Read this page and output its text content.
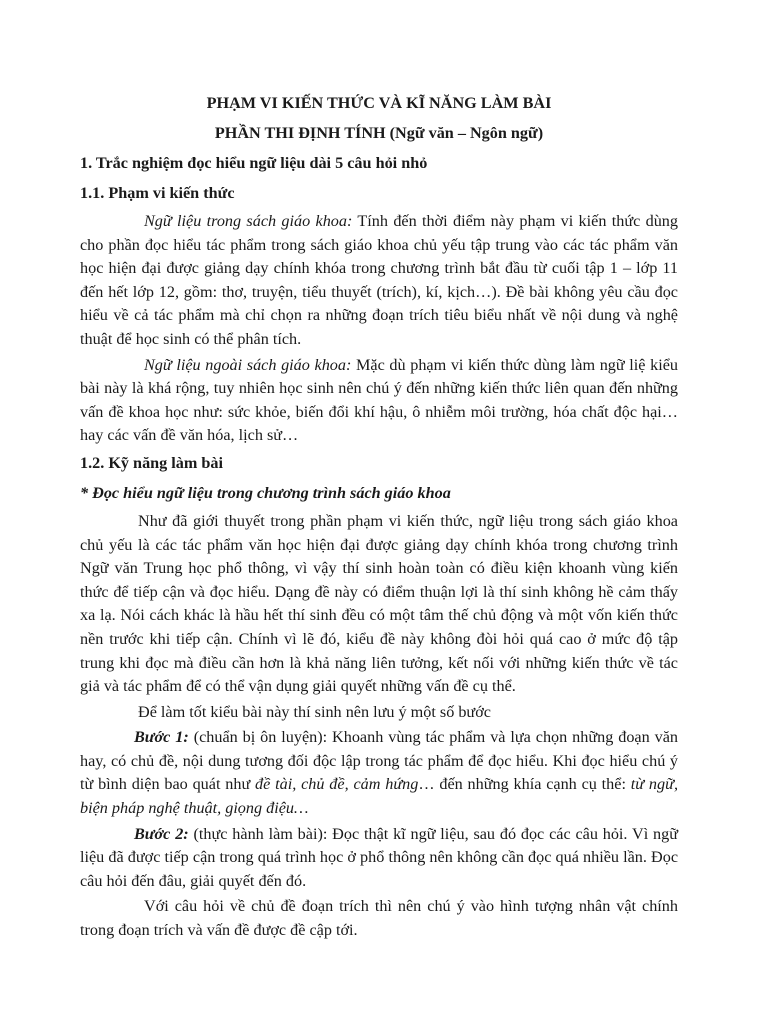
PHẠM VI KIẾN THỨC VÀ KĨ NĂNG LÀM BÀI

PHẦN THI ĐỊNH TÍNH (Ngữ văn – Ngôn ngữ)

1. Trắc nghiệm đọc hiểu ngữ liệu dài 5 câu hỏi nhỏ

1.1. Phạm vi kiến thức

Ngữ liệu trong sách giáo khoa: Tính đến thời điểm này phạm vi kiến thức dùng cho phần đọc hiểu tác phẩm trong sách giáo khoa chủ yếu tập trung vào các tác phẩm văn học hiện đại được giảng dạy chính khóa trong chương trình bắt đầu từ cuối tập 1 – lớp 11 đến hết lớp 12, gồm: thơ, truyện, tiểu thuyết (trích), kí, kịch…). Đề bài không yêu cầu đọc hiểu về cả tác phẩm mà chỉ chọn ra những đoạn trích tiêu biểu nhất về nội dung và nghệ thuật để học sinh có thể phân tích.

Ngữ liệu ngoài sách giáo khoa: Mặc dù phạm vi kiến thức dùng làm ngữ liệ kiểu bài này là khá rộng, tuy nhiên học sinh nên chú ý đến những kiến thức liên quan đến những vấn đề khoa học như: sức khỏe, biến đổi khí hậu, ô nhiễm môi trường, hóa chất độc hại…hay các vấn đề văn hóa, lịch sử…

1.2. Kỹ năng làm bài

* Đọc hiểu ngữ liệu trong chương trình sách giáo khoa

Như đã giới thuyết trong phần phạm vi kiến thức, ngữ liệu trong sách giáo khoa chủ yếu là các tác phẩm văn học hiện đại được giảng dạy chính khóa trong chương trình Ngữ văn Trung học phổ thông, vì vậy thí sinh hoàn toàn có điều kiện khoanh vùng kiến thức để tiếp cận và đọc hiểu. Dạng đề này có điểm thuận lợi là thí sinh không hề cảm thấy xa lạ. Nói cách khác là hầu hết thí sinh đều có một tâm thế chủ động và một vốn kiến thức nền trước khi tiếp cận. Chính vì lẽ đó, kiểu đề này không đòi hỏi quá cao ở mức độ tập trung khi đọc mà điều cần hơn là khả năng liên tưởng, kết nối với những kiến thức về tác giả và tác phẩm để có thể vận dụng giải quyết những vấn đề cụ thể.

Để làm tốt kiểu bài này thí sinh nên lưu ý một số bước

Bước 1: (chuẩn bị ôn luyện): Khoanh vùng tác phẩm và lựa chọn những đoạn văn hay, có chủ đề, nội dung tương đối độc lập trong tác phẩm để đọc hiểu. Khi đọc hiểu chú ý từ bình diện bao quát như đề tài, chủ đề, cảm hứng… đến những khía cạnh cụ thể: từ ngữ, biện pháp nghệ thuật, giọng điệu…

Bước 2: (thực hành làm bài): Đọc thật kĩ ngữ liệu, sau đó đọc các câu hỏi. Vì ngữ liệu đã được tiếp cận trong quá trình học ở phổ thông nên không cần đọc quá nhiều lần. Đọc câu hỏi đến đâu, giải quyết đến đó.

Với câu hỏi về chủ đề đoạn trích thì nên chú ý vào hình tượng nhân vật chính trong đoạn trích và vấn đề được đề cập tới.
